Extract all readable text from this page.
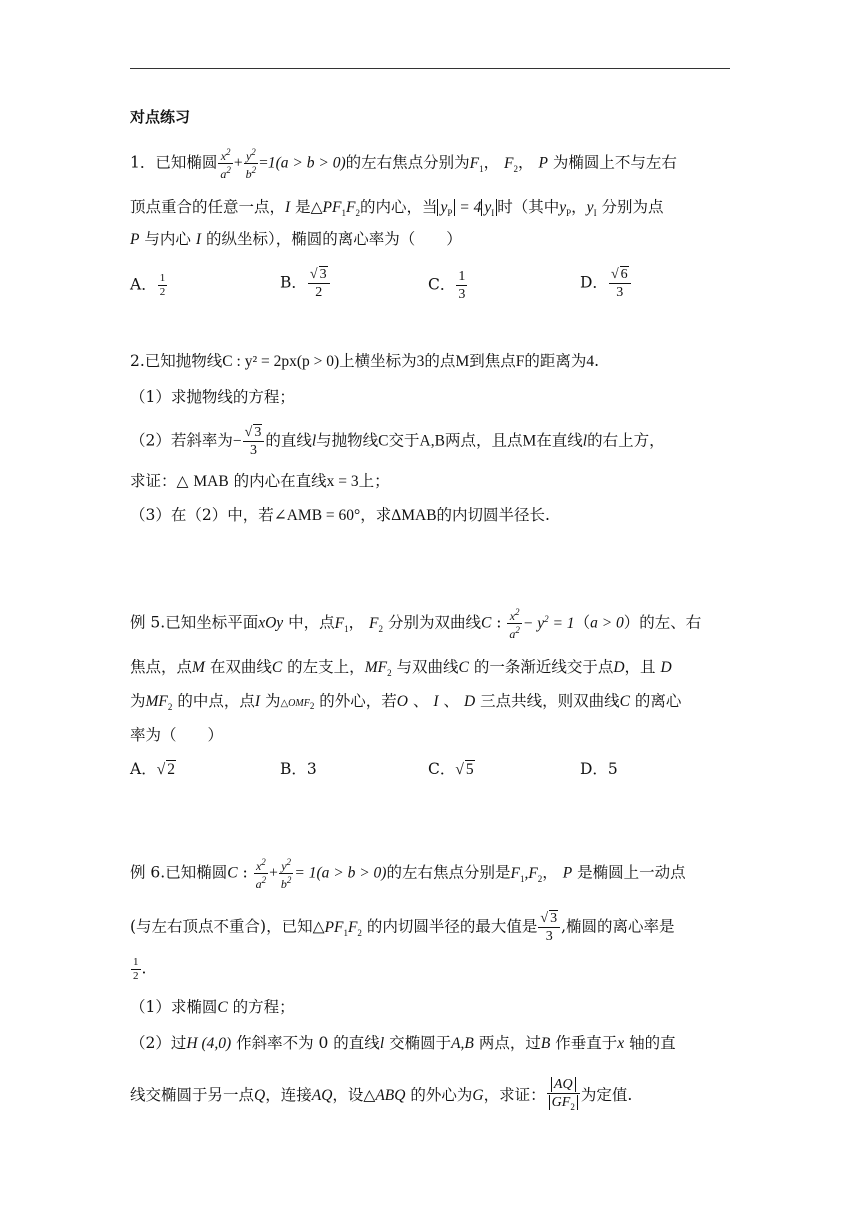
对点练习
1．已知椭圆 $\frac{x^2}{a^2} + \frac{y^2}{b^2} =1(a > b > 0)$的左右焦点分别为$F_1$， $F_2$， P 为椭圆上不与左右
顶点重合的任意一点，I 是$\triangle PF_1F_2$的内心，当 $y_P = 4$ $y_I$ 时（其中$y_P$，$y_I$ 分别为点
P 与内心 I 的纵坐标），椭圆的离心率为（　　）
A． $\frac{1}{2}$	B． $\frac{√ 3}{2}$	C． $\frac{1}{3}$	D． $\frac{√ 6}{3}$
2.已知抛物线C : y² = 2px(p > 0)上横坐标为3的点M到焦点F的距离为4.
（1）求抛物线的方程；
（2）若斜率为− $\frac{√ 3}{3}$ 的直线l与抛物线C交于A,B两点，且点M在直线l的右上方，
求证：△ MAB 的内心在直线x = 3上；
（3）在（2）中，若∠AMB = 60°，求ΔMAB的内切圆半径长.
例 5.已知坐标平面xOy 中，点$F_1$， $F_2$ 分别为双曲线C : $\frac{x^2}{a^2} - y^2 = 1(a > 0)$的左、右
焦点，点M 在双曲线C 的左支上，$MF_2$ 与双曲线C 的一条渐近线交于点D，且 D
为$MF_2$ 的中点，点I 为△OMF2 的外心，若O 、 I 、 D 三点共线，则双曲线C 的离心
率为（　　）
A．√ 2	B．3	C．√ 5	D．5
例 6.已知椭圆C : $\frac{x^2}{a^2} + \frac{y^2}{b^2} = 1(a > b > 0)$的左右焦点分别是$F_1,F_2$， P 是椭圆上一动点
(与左右顶点不重合)，已知$\triangle PF_1F_2$ 的内切圆半径的最大值是 $\frac{√ 3}{3}$ ,椭圆的离心率是
$\frac{1}{2}$ .
（1）求椭圆C 的方程；
（2）过H (4,0) 作斜率不为 0 的直线l 交椭圆于A,B 两点，过B 作垂直于x 轴的直
线交椭圆于另一点Q，连接AQ，设△ABQ 的外心为G，求证： $\frac{AQ}{GF_2}$ 为定值.
